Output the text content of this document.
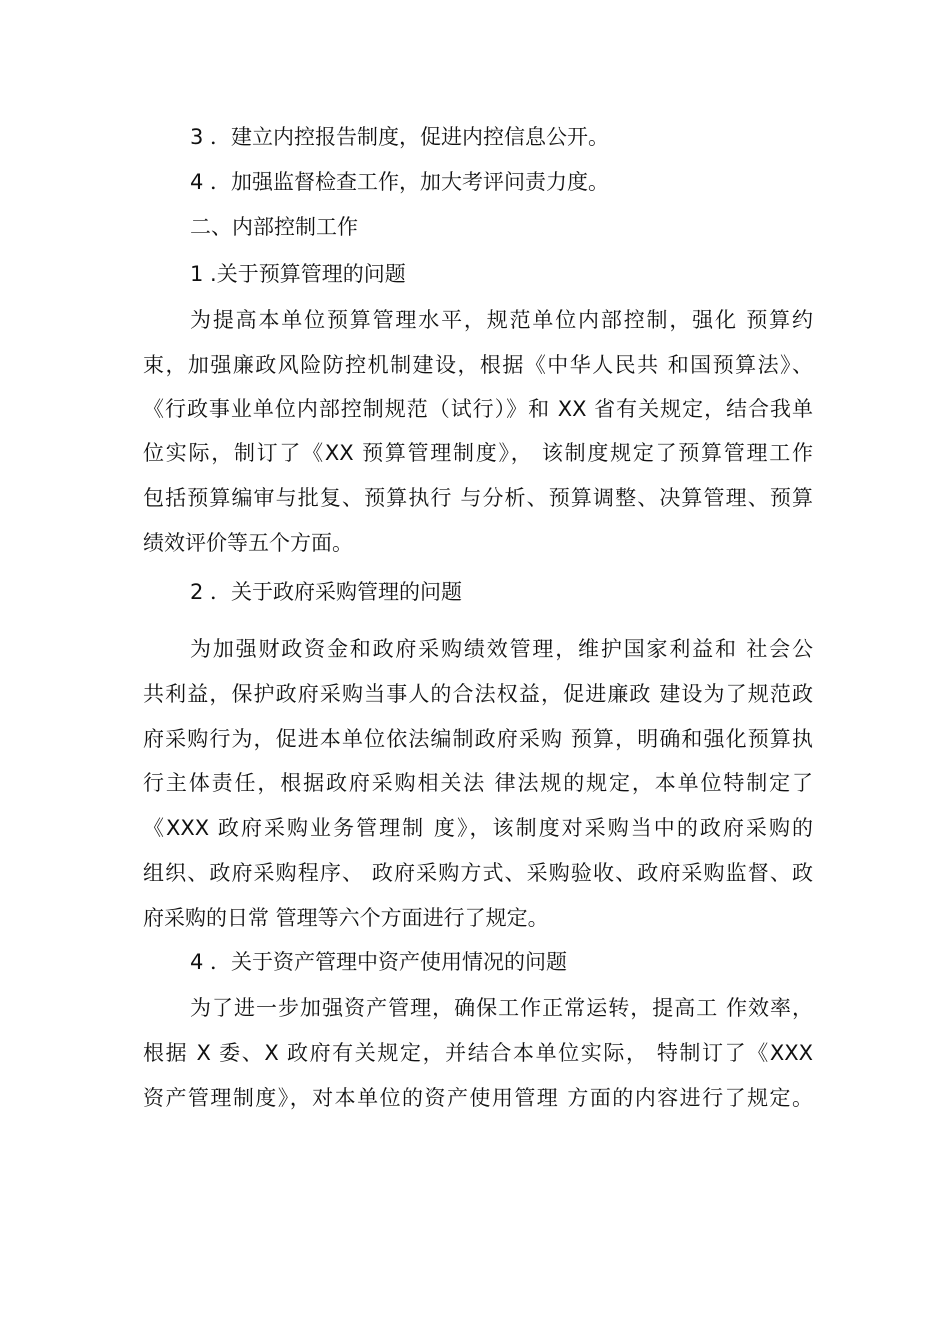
3 ．建立内控报告制度，促进内控信息公开。
4 ．加强监督检查工作，加大考评问责力度。
二、内部控制工作
1 .关于预算管理的问题
为提高本单位预算管理水平，规范单位内部控制，强化 预算约
束，加强廉政风险防控机制建设，根据《中华人民共 和国预算法》、
《行政事业单位内部控制规范（试行）》和 XX 省有关规定，结合我单
位实际，制订了《XX 预算管理制度》， 该制度规定了预算管理工作
包括预算编审与批复、预算执行 与分析、预算调整、决算管理、预算
绩效评价等五个方面。
2 ．关于政府采购管理的问题
为加强财政资金和政府采购绩效管理，维护国家利益和 社会公
共利益，保护政府采购当事人的合法权益，促进廉政 建设为了规范政
府采购行为，促进本单位依法编制政府采购 预算，明确和强化预算执
行主体责任，根据政府采购相关法 律法规的规定，本单位特制定了
《XXX 政府采购业务管理制 度》，该制度对采购当中的政府采购的
组织、政府采购程序、 政府采购方式、采购验收、政府采购监督、政
府采购的日常 管理等六个方面进行了规定。
4 ．关于资产管理中资产使用情况的问题
为了进一步加强资产管理，确保工作正常运转，提高工 作效率，
根据 X 委、X 政府有关规定，并结合本单位实际， 特制订了《XXX
资产管理制度》，对本单位的资产使用管理 方面的内容进行了规定。
